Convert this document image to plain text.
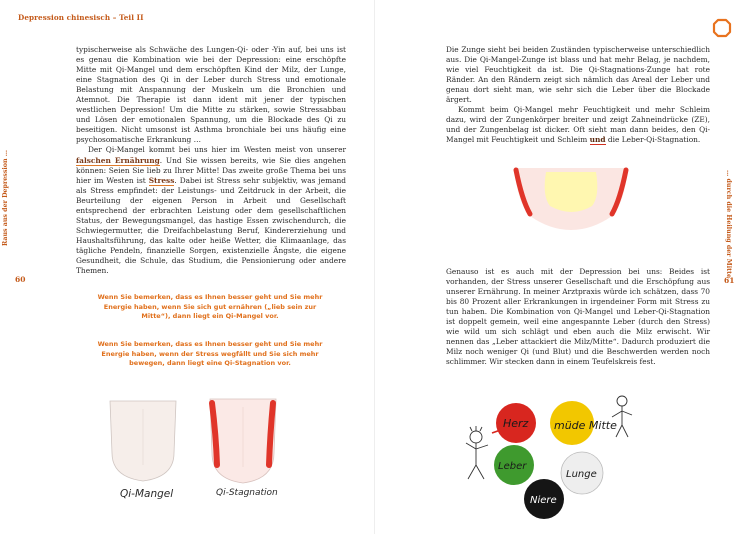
Depression chinesisch – Teil II
Raus aus der Depression …
60
typischerweise als Schwäche des Lungen-Qi- oder -Yin auf, bei uns ist es genau die Kombination wie bei der Depression: eine erschöpfte Mitte mit Qi-Mangel und dem erschöpften Kind der Milz, der Lunge, eine Stagnation des Qi in der Leber durch Stress und emotionale Belastung mit Anspannung der Muskeln um die Bronchien und Atemnot. Die Therapie ist dann ident mit jener der typischen westlichen Depression! Um die Mitte zu stärken, sowie Stressabbau und Lösen der emotionalen Spannung, um die Blockade des Qi zu beseitigen. Nicht umsonst ist Asthma bronchiale bei uns häufig eine psychosomatische Erkrankung …
Der Qi-Mangel kommt bei uns hier im Westen meist von unserer falschen Ernährung. Und Sie wissen bereits, wie Sie dies angehen können: Seien Sie lieb zu Ihrer Mitte! Das zweite große Thema bei uns hier im Westen ist Stress. Dabei ist Stress sehr subjektiv, was jemand als Stress empfindet: der Leistungs- und Zeitdruck in der Arbeit, die Beurteilung der eigenen Person in Arbeit und Gesellschaft entsprechend der erbrachten Leistung oder dem gesellschaftlichen Status, der Bewegungsmangel, das hastige Essen zwischendurch, die Schwiegermutter, die Dreifachbelastung Beruf, Kindererziehung und Haushaltsführung, das kalte oder heiße Wetter, die Klimaanlage, das tägliche Pendeln, finanzielle Sorgen, existenzielle Ängste, die eigene Gesundheit, die Schule, das Studium, die Pensionierung oder andere Themen.
Wenn Sie bemerken, dass es Ihnen besser geht und Sie mehr Energie haben, wenn Sie sich gut ernähren („lieb sein zur Mitte“), dann liegt ein Qi-Mangel vor.
Wenn Sie bemerken, dass es Ihnen besser geht und Sie mehr Energie haben, wenn der Stress wegfällt und Sie sich mehr bewegen, dann liegt eine Qi-Stagnation vor.
Qi-Mangel	Qi-Stagnation
… durch die Heilung der Mitte
61
Die Zunge sieht bei beiden Zuständen typischerweise unterschiedlich aus. Die Qi-Mangel-Zunge ist blass und hat mehr Belag, je nachdem, wie viel Feuchtigkeit da ist. Die Qi-Stagnations-Zunge hat rote Ränder. An den Rändern zeigt sich nämlich das Areal der Leber und genau dort sieht man, wie sehr sich die Leber über die Blockade ärgert.
Kommt beim Qi-Mangel mehr Feuchtigkeit und mehr Schleim dazu, wird der Zungenkörper breiter und zeigt Zahneindrücke (ZE), und der Zungenbelag ist dicker. Oft sieht man dann beides, den Qi-Mangel mit Feuchtigkeit und Schleim und die Leber-Qi-Stagnation.
Genauso ist es auch mit der Depression bei uns: Beides ist vorhanden, der Stress unserer Gesellschaft und die Erschöpfung aus unserer Ernährung. In meiner Arztpraxis würde ich schätzen, dass 70 bis 80 Prozent aller Erkrankungen in irgendeiner Form mit Stress zu tun haben. Die Kombination von Qi-Mangel und Leber-Qi-Stagnation ist doppelt gemein, weil eine angespannte Leber (durch den Stress) wie wild um sich schlägt und eben auch die Milz erwischt. Wir nennen das „Leber attackiert die Milz/Mitte“. Dadurch produziert die Milz noch weniger Qi (und Blut) und die Beschwerden werden noch schlimmer. Wir stecken dann in einem Teufelskreis fest.
Herz müde Mitte
Leber
Lunge
Niere
